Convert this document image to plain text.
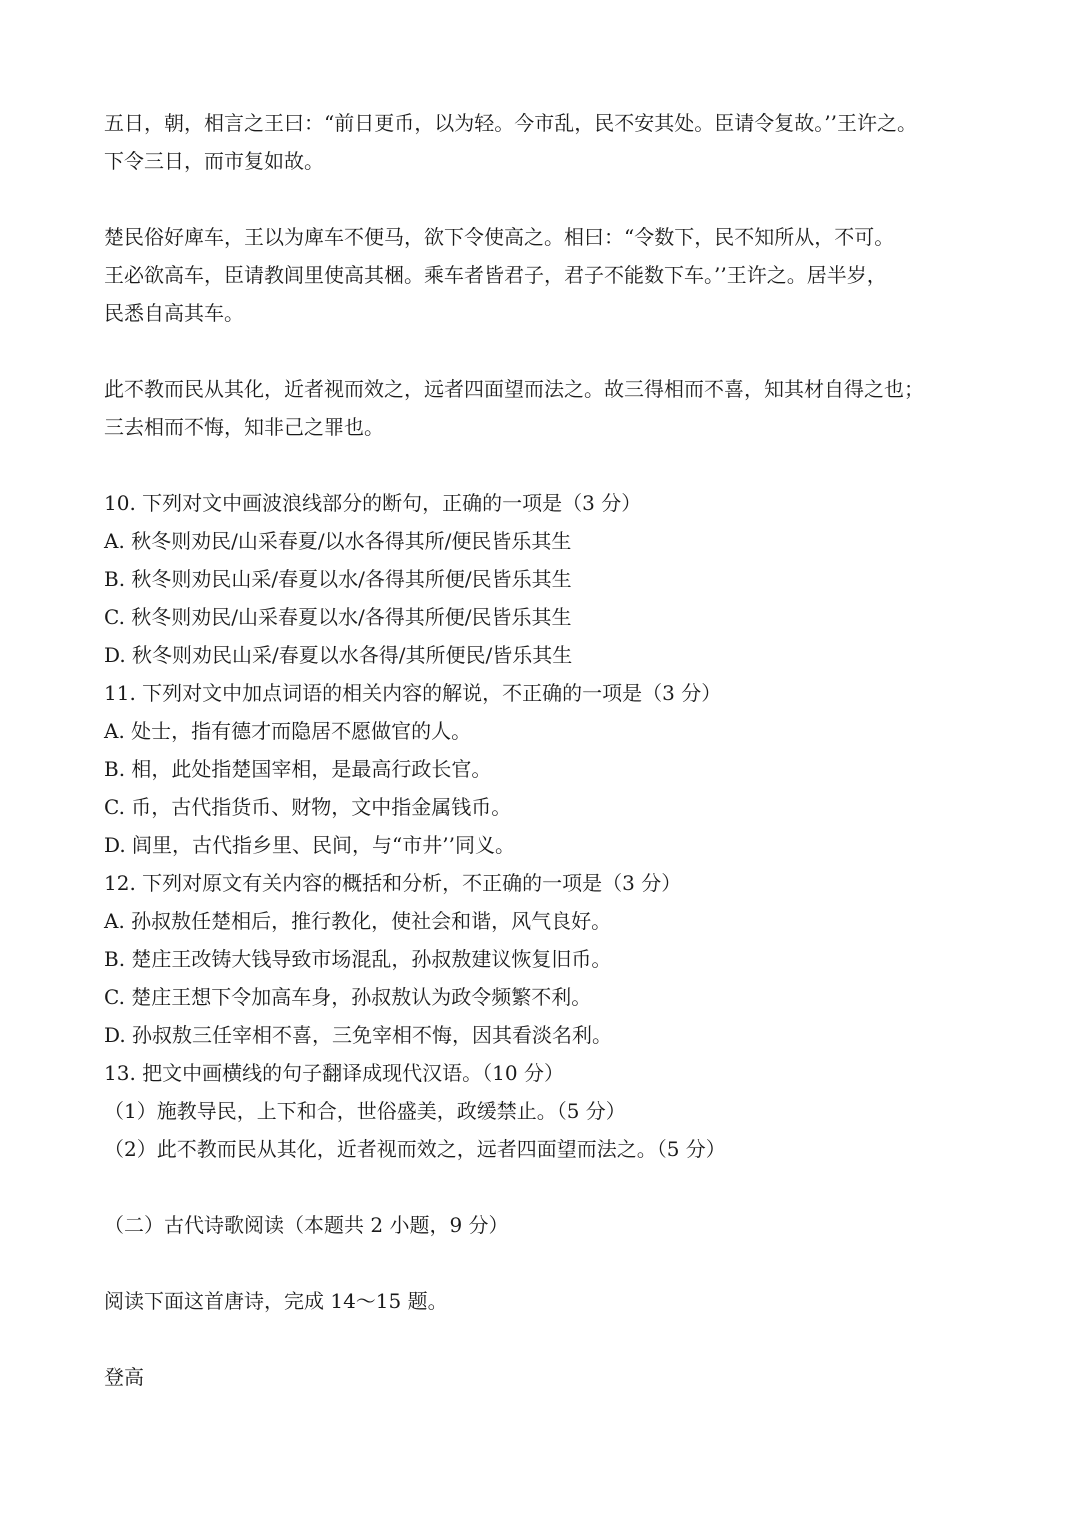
五日，朝，相言之王曰：“前日更币，以为轻。今市乱，民不安其处。臣请令复故。’’王许之。

下令三日，而市复如故。

楚民俗好庳车，王以为庳车不便马，欲下令使高之。相曰：“令数下，民不知所从，不可。

王必欲高车，臣请教闾里使高其梱。乘车者皆君子，君子不能数下车。’’王许之。居半岁，

民悉自高其车。

此不教而民从其化，近者视而效之，远者四面望而法之。故三得相而不喜，知其材自得之也；

三去相而不悔，知非己之罪也。

10. 下列对文中画波浪线部分的断句，正确的一项是（3 分）

A. 秋冬则劝民/山采春夏/以水各得其所/便民皆乐其生

B. 秋冬则劝民山采/春夏以水/各得其所便/民皆乐其生

C. 秋冬则劝民/山采春夏以水/各得其所便/民皆乐其生

D. 秋冬则劝民山采/春夏以水各得/其所便民/皆乐其生

11. 下列对文中加点词语的相关内容的解说，不正确的一项是（3 分）

A. 处士，指有德才而隐居不愿做官的人。

B. 相，此处指楚国宰相，是最高行政长官。

C. 币，古代指货币、财物，文中指金属钱币。

D. 闾里，古代指乡里、民间，与“市井’’同义。

12. 下列对原文有关内容的概括和分析，不正确的一项是（3 分）

A. 孙叔敖任楚相后，推行教化，使社会和谐，风气良好。

B. 楚庄王改铸大钱导致市场混乱，孙叔敖建议恢复旧币。

C. 楚庄王想下令加高车身，孙叔敖认为政令频繁不利。

D. 孙叔敖三任宰相不喜，三免宰相不悔，因其看淡名利。

13. 把文中画横线的句子翻译成现代汉语。（10 分）

（1）施教导民，上下和合，世俗盛美，政缓禁止。（5 分）

（2）此不教而民从其化，近者视而效之，远者四面望而法之。（5 分）

（二）古代诗歌阅读（本题共 2 小题，9 分）

阅读下面这首唐诗，完成 14～15 题。

登高
